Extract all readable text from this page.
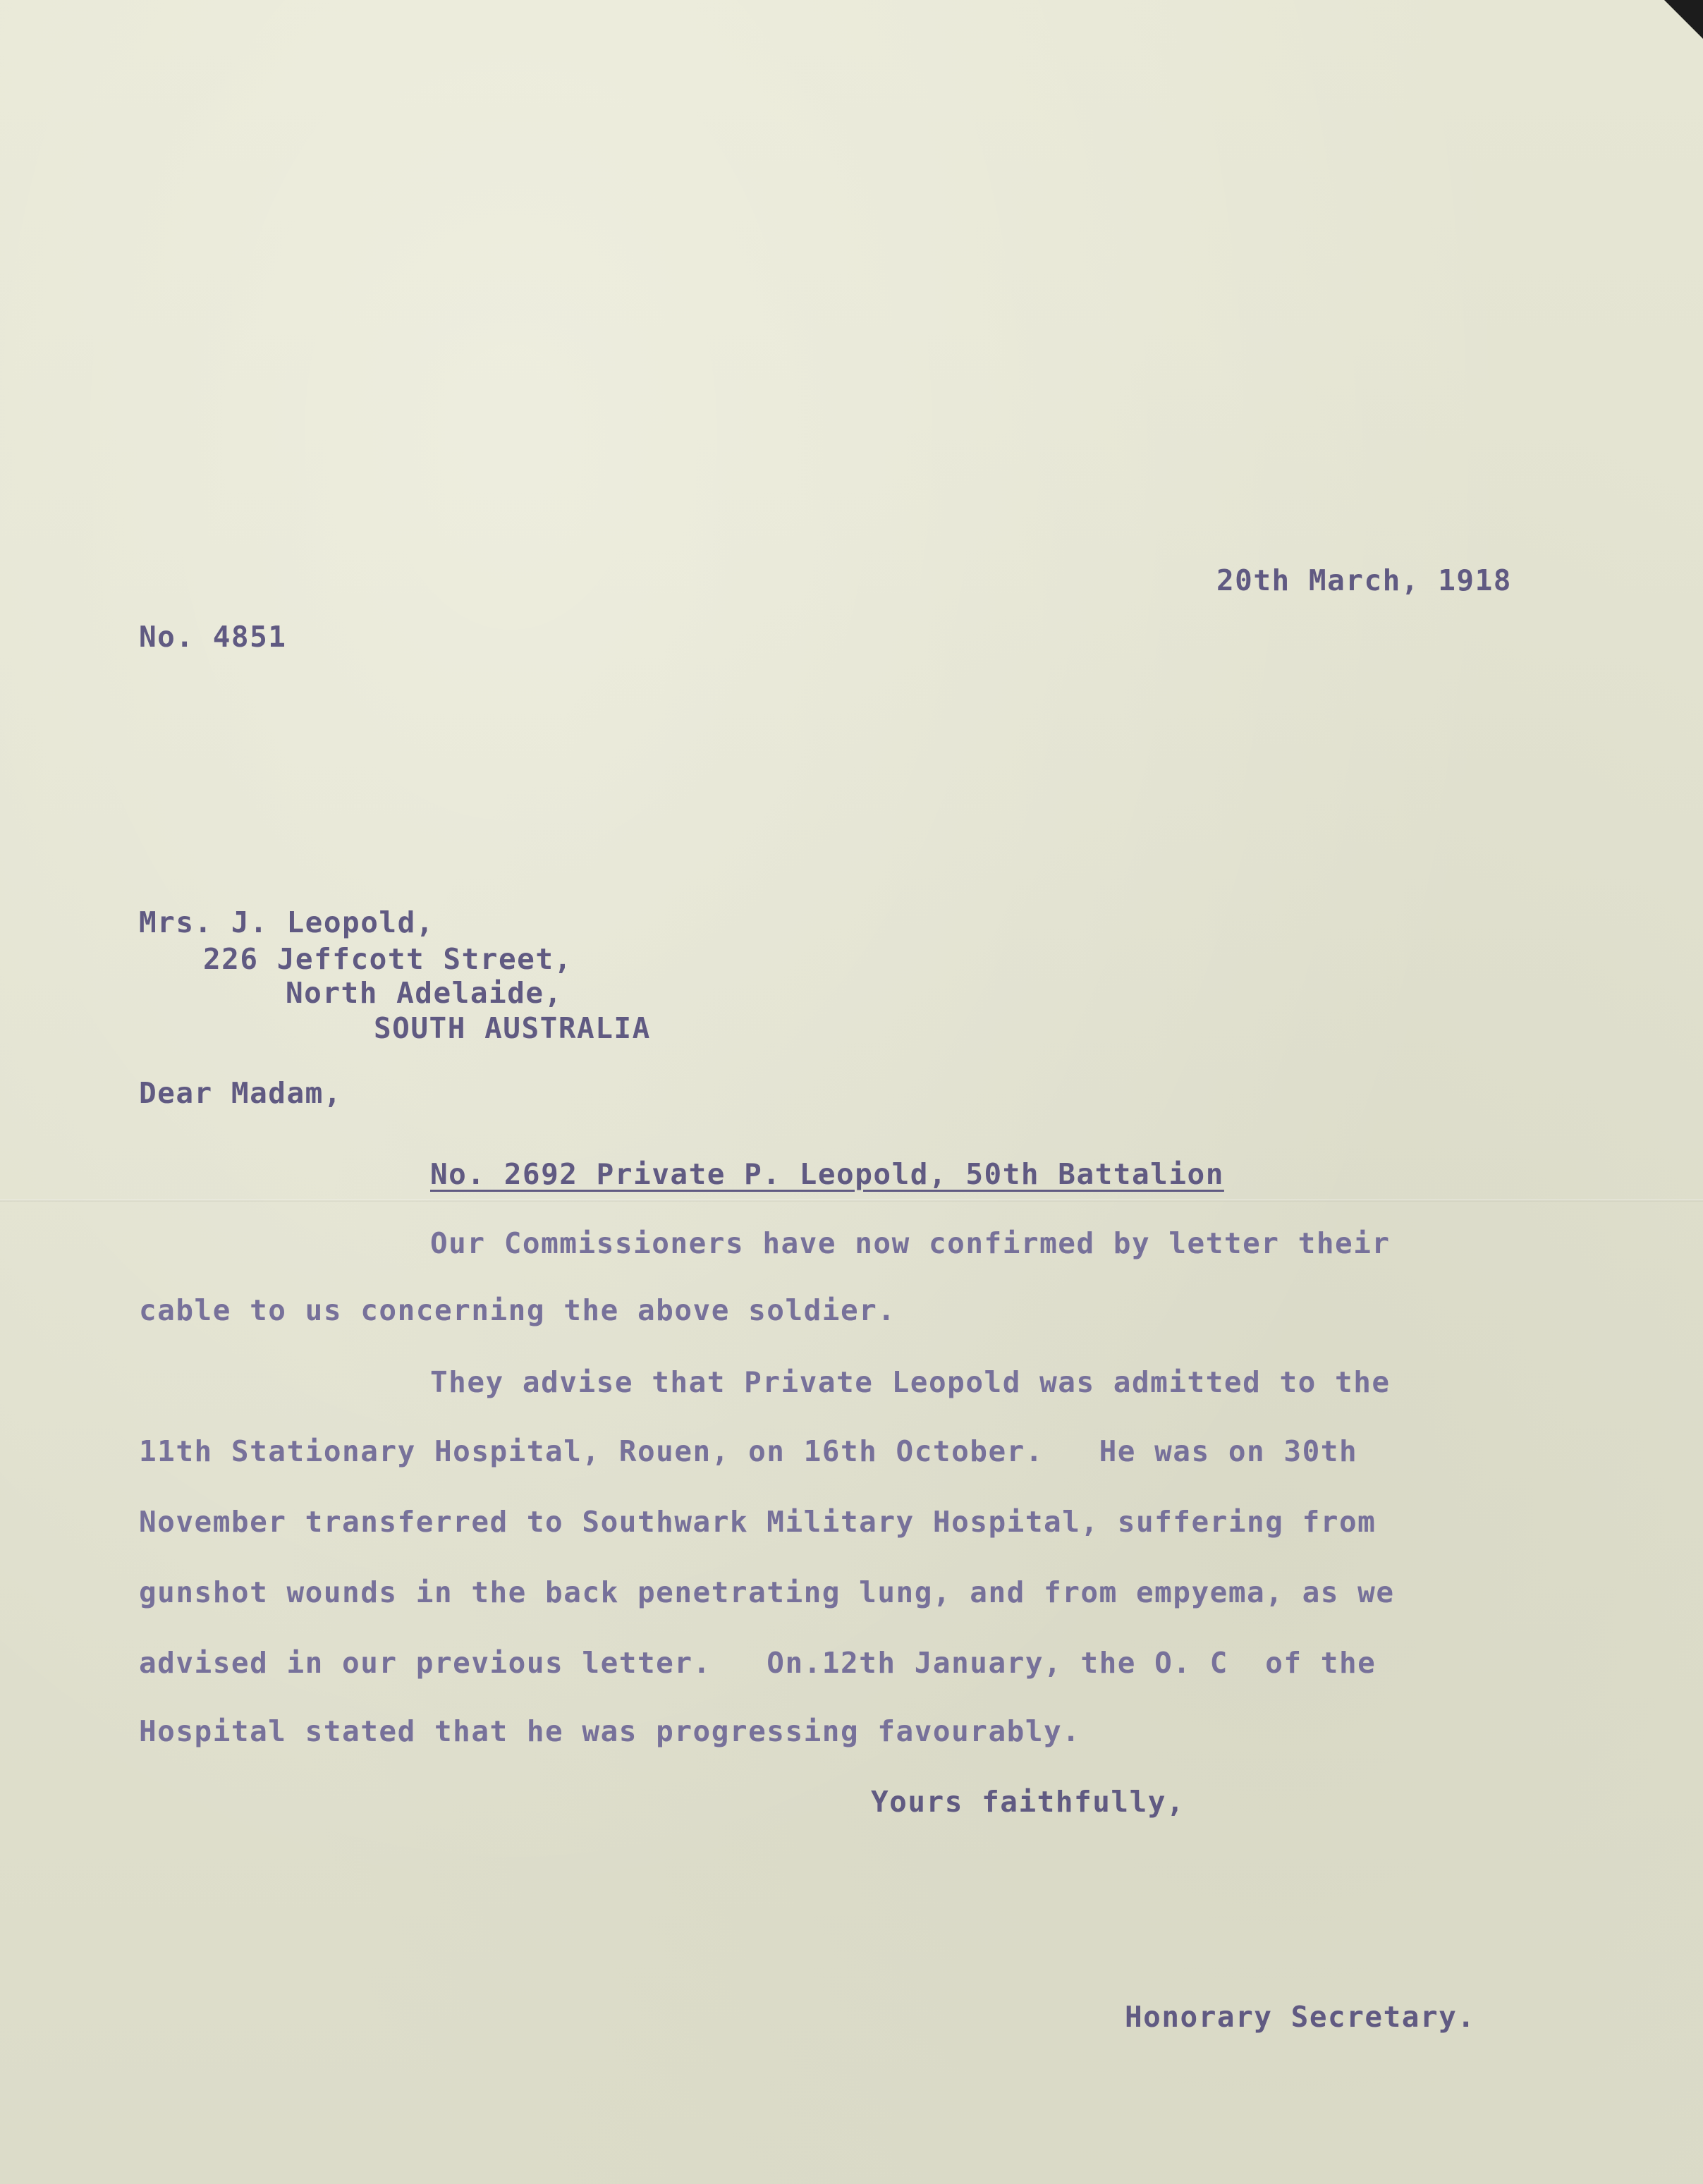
20th March, 1918
No. 4851
Mrs. J. Leopold,
226 Jeffcott Street,
North Adelaide,
SOUTH AUSTRALIA
Dear Madam,
No. 2692 Private P. Leopold, 50th Battalion
Our Commissioners have now confirmed by letter their
cable to us concerning the above soldier.
They advise that Private Leopold was admitted to the
11th Stationary Hospital, Rouen, on 16th October.   He was on 30th
November transferred to Southwark Military Hospital, suffering from
gunshot wounds in the back penetrating lung, and from empyema, as we
advised in our previous letter.   On.12th January, the O. C  of the
Hospital stated that he was progressing favourably.
Yours faithfully,
Honorary Secretary.
